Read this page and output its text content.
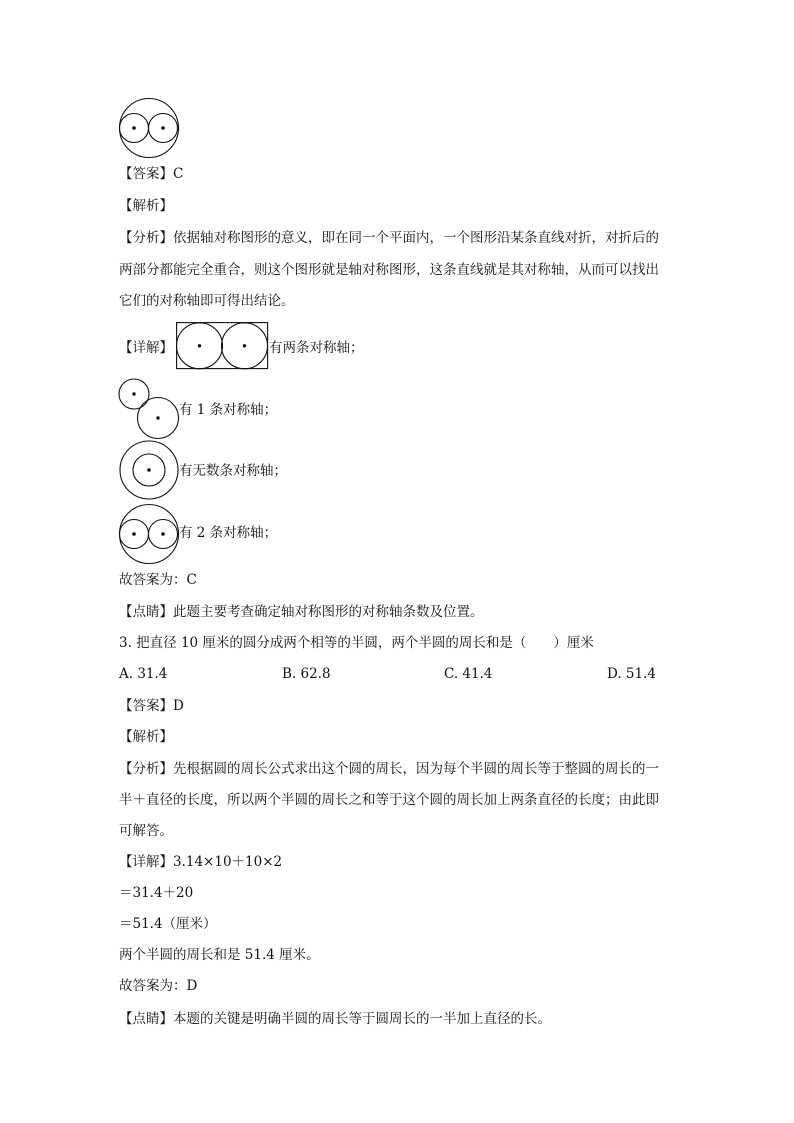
【答案】C
【解析】
【分析】依据轴对称图形的意义，即在同一个平面内，一个图形沿某条直线对折，对折后的
两部分都能完全重合，则这个图形就是轴对称图形，这条直线就是其对称轴，从而可以找出
它们的对称轴即可得出结论。
【详解】	有两条对称轴；
有 1 条对称轴；
有无数条对称轴；
有 2 条对称轴；
故答案为：C
【点睛】此题主要考查确定轴对称图形的对称轴条数及位置。
3. 把直径 10 厘米的圆分成两个相等的半圆，两个半圆的周长和是（　　）厘米
A. 31.4	B. 62.8	C. 41.4	D. 51.4
【答案】D
【解析】
【分析】先根据圆的周长公式求出这个圆的周长，因为每个半圆的周长等于整圆的周长的一
半＋直径的长度，所以两个半圆的周长之和等于这个圆的周长加上两条直径的长度；由此即
可解答。
【详解】3.14×10＋10×2
＝31.4＋20
＝51.4（厘米）
两个半圆的周长和是 51.4 厘米。
故答案为：D
【点睛】本题的关键是明确半圆的周长等于圆周长的一半加上直径的长。
